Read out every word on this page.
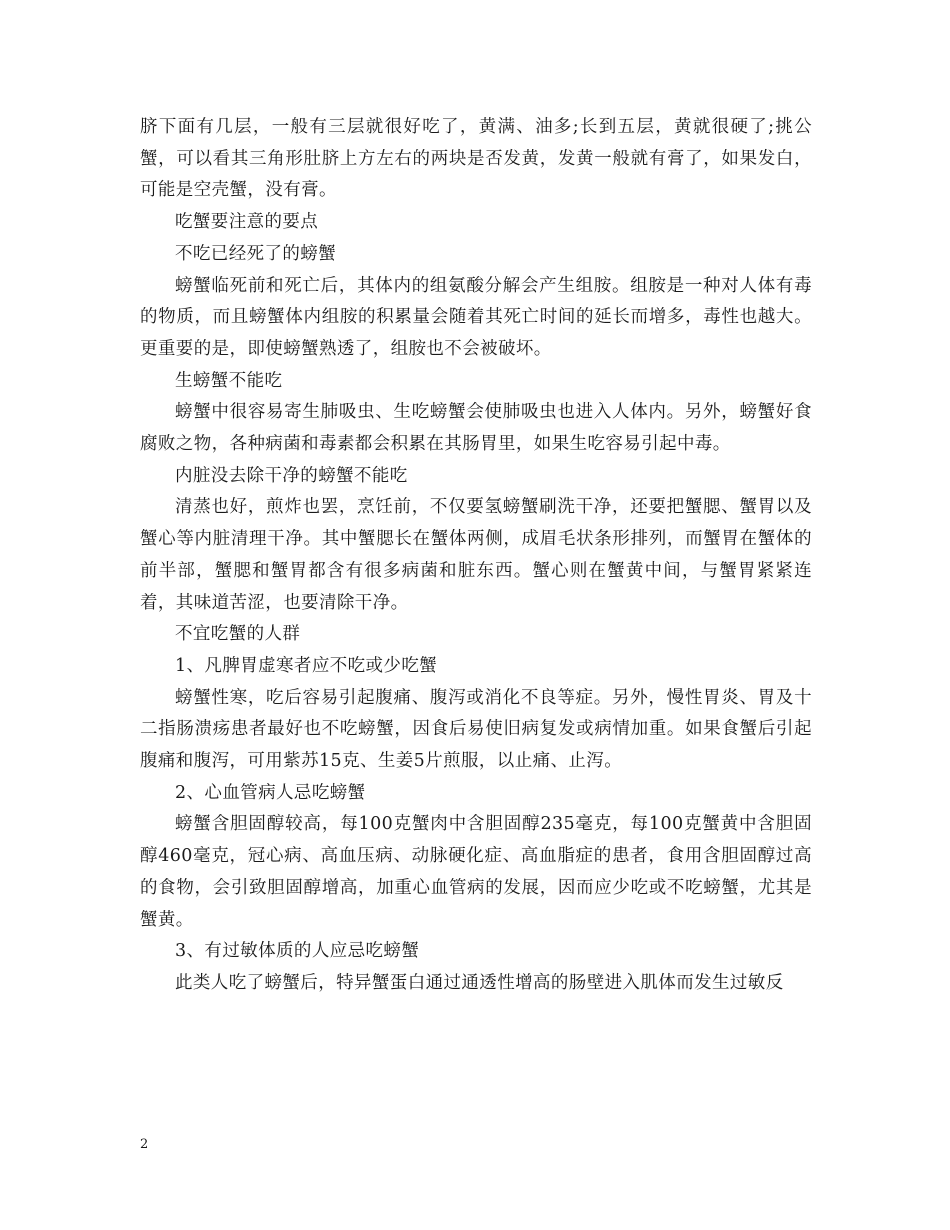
脐下面有几层，一般有三层就很好吃了，黄满、油多;长到五层，黄就很硬了;挑公蟹，可以看其三角形肚脐上方左右的两块是否发黄，发黄一般就有膏了，如果发白，可能是空壳蟹，没有膏。

吃蟹要注意的要点

不吃已经死了的螃蟹

螃蟹临死前和死亡后，其体内的组氨酸分解会产生组胺。组胺是一种对人体有毒的物质，而且螃蟹体内组胺的积累量会随着其死亡时间的延长而增多，毒性也越大。更重要的是，即使螃蟹熟透了，组胺也不会被破坏。

生螃蟹不能吃

螃蟹中很容易寄生肺吸虫、生吃螃蟹会使肺吸虫也进入人体内。另外，螃蟹好食腐败之物，各种病菌和毒素都会积累在其肠胃里，如果生吃容易引起中毒。

内脏没去除干净的螃蟹不能吃

清蒸也好，煎炸也罢，烹饪前，不仅要氢螃蟹刷洗干净，还要把蟹腮、蟹胃以及蟹心等内脏清理干净。其中蟹腮长在蟹体两侧，成眉毛状条形排列，而蟹胃在蟹体的前半部，蟹腮和蟹胃都含有很多病菌和脏东西。蟹心则在蟹黄中间，与蟹胃紧紧连着，其味道苦涩，也要清除干净。

不宜吃蟹的人群

1、凡脾胃虚寒者应不吃或少吃蟹

螃蟹性寒，吃后容易引起腹痛、腹泻或消化不良等症。另外，慢性胃炎、胃及十二指肠溃疡患者最好也不吃螃蟹，因食后易使旧病复发或病情加重。如果食蟹后引起腹痛和腹泻，可用紫苏15克、生姜5片煎服，以止痛、止泻。

2、心血管病人忌吃螃蟹

螃蟹含胆固醇较高，每100克蟹肉中含胆固醇235毫克，每100克蟹黄中含胆固醇460毫克，冠心病、高血压病、动脉硬化症、高血脂症的患者，食用含胆固醇过高的食物，会引致胆固醇增高，加重心血管病的发展，因而应少吃或不吃螃蟹，尤其是蟹黄。

3、有过敏体质的人应忌吃螃蟹

此类人吃了螃蟹后，特异蟹蛋白通过通透性增高的肠壁进入肌体而发生过敏反

2
